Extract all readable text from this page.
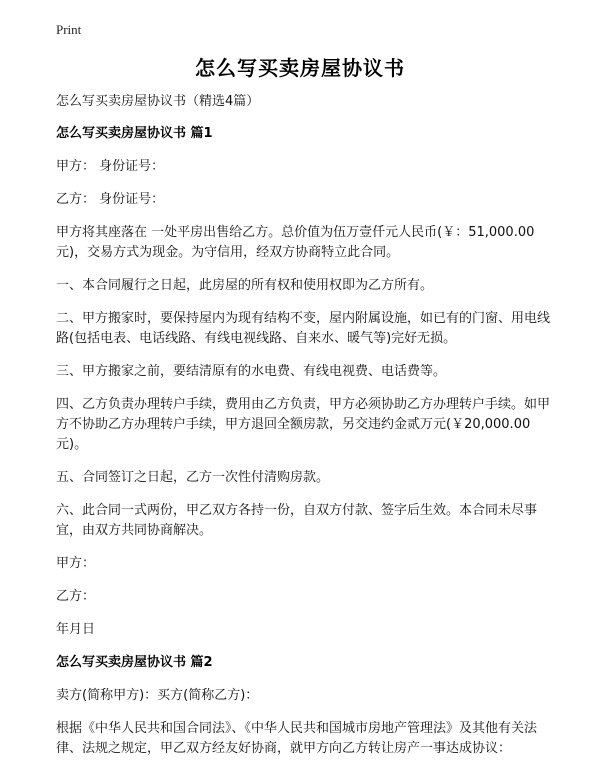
Print
怎么写买卖房屋协议书
怎么写买卖房屋协议书（精选4篇）
怎么写买卖房屋协议书 篇1
甲方： 身份证号：
乙方： 身份证号：
甲方将其座落在 一处平房出售给乙方。总价值为伍万壹仟元人民币(￥：51,000.00元)，交易方式为现金。为守信用，经双方协商特立此合同。
一、本合同履行之日起，此房屋的所有权和使用权即为乙方所有。
二、甲方搬家时，要保持屋内为现有结构不变，屋内附属设施，如已有的门窗、用电线路(包括电表、电话线路、有线电视线路、自来水、暖气等)完好无损。
三、甲方搬家之前，要结清原有的水电费、有线电视费、电话费等。
四、乙方负责办理转户手续，费用由乙方负责，甲方必须协助乙方办理转户手续。如甲方不协助乙方办理转户手续，甲方退回全额房款，另交违约金贰万元(￥20,000.00元)。
五、合同签订之日起，乙方一次性付清购房款。
六、此合同一式两份，甲乙双方各持一份，自双方付款、签字后生效。本合同未尽事宜，由双方共同协商解决。
甲方：
乙方：
年月日
怎么写买卖房屋协议书 篇2
卖方(简称甲方)：买方(简称乙方)：
根据《中华人民共和国合同法》、《中华人民共和国城市房地产管理法》及其他有关法律、法规之规定，甲乙双方经友好协商，就甲方向乙方转让房产一事达成协议：
